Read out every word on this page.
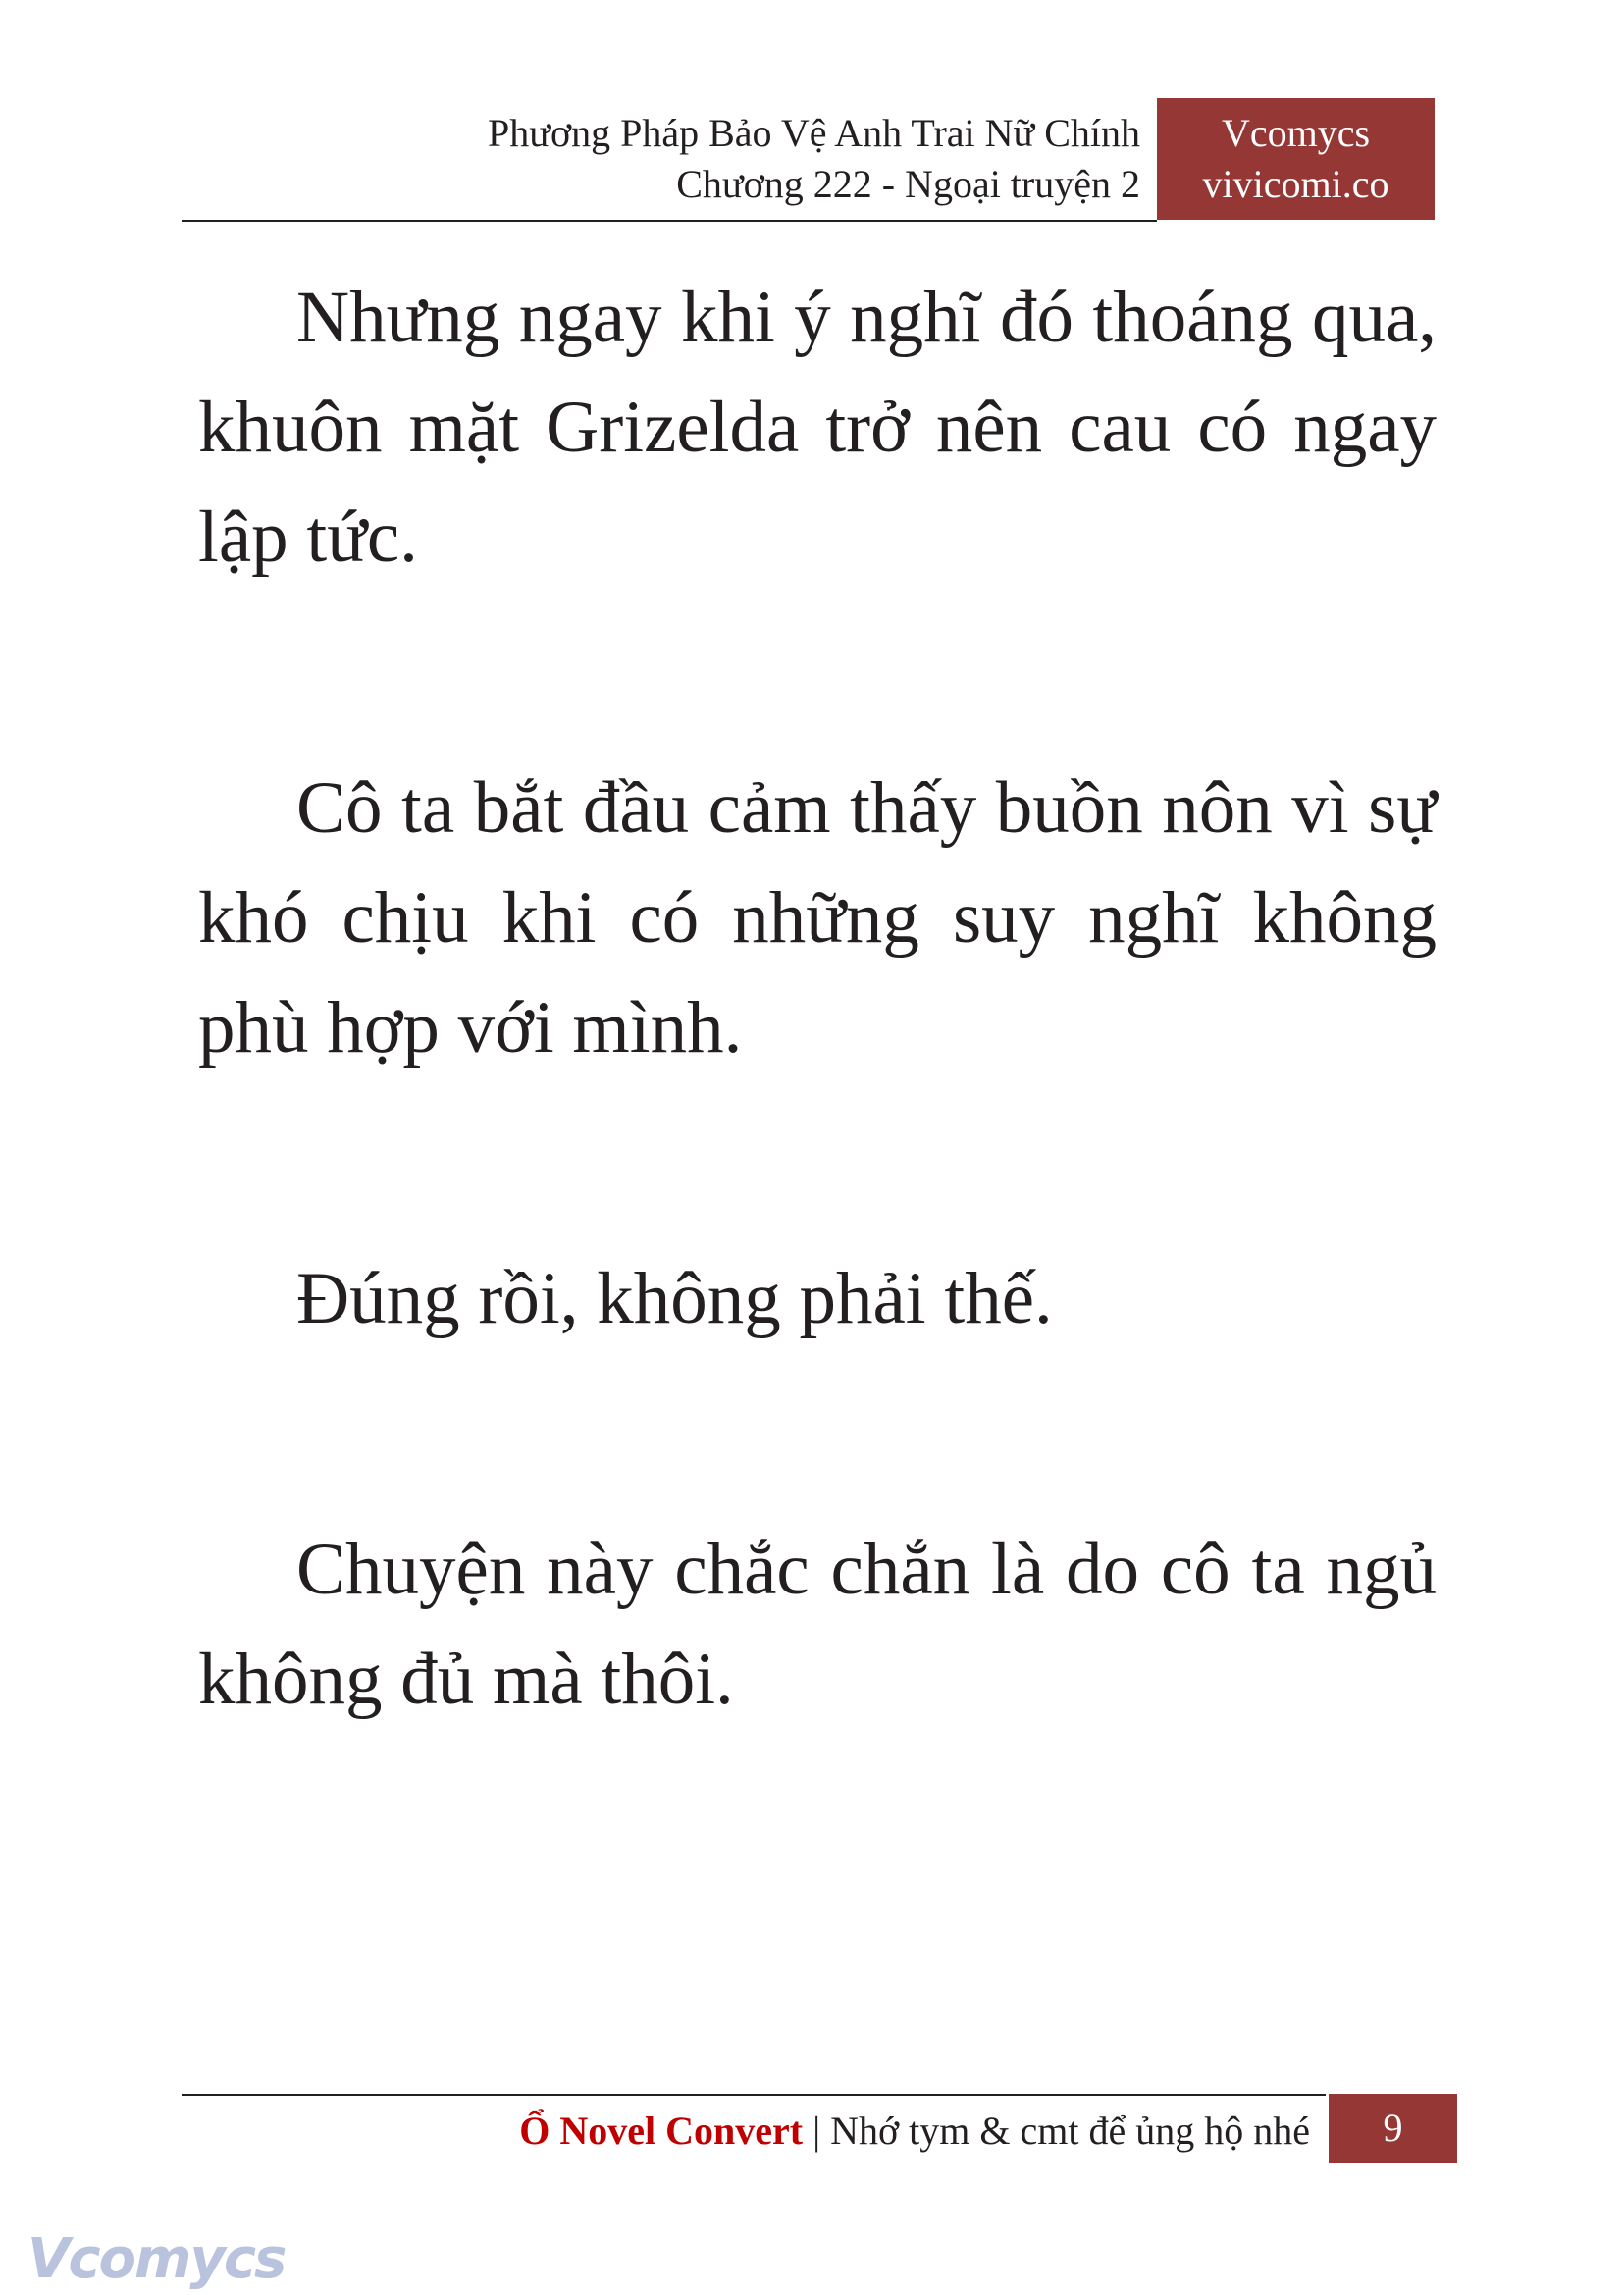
Phương Pháp Bảo Vệ Anh Trai Nữ Chính
Chương 222 - Ngoại truyện 2
Vcomycs
vivicomi.co

Nhưng ngay khi ý nghĩ đó thoáng qua, khuôn mặt Grizelda trở nên cau có ngay lập tức.

Cô ta bắt đầu cảm thấy buồn nôn vì sự khó chịu khi có những suy nghĩ không phù hợp với mình.

Đúng rồi, không phải thế.

Chuyện này chắc chắn là do cô ta ngủ không đủ mà thôi.

Ổ Novel Convert | Nhớ tym & cmt để ủng hộ nhé	9
Vcomycs
